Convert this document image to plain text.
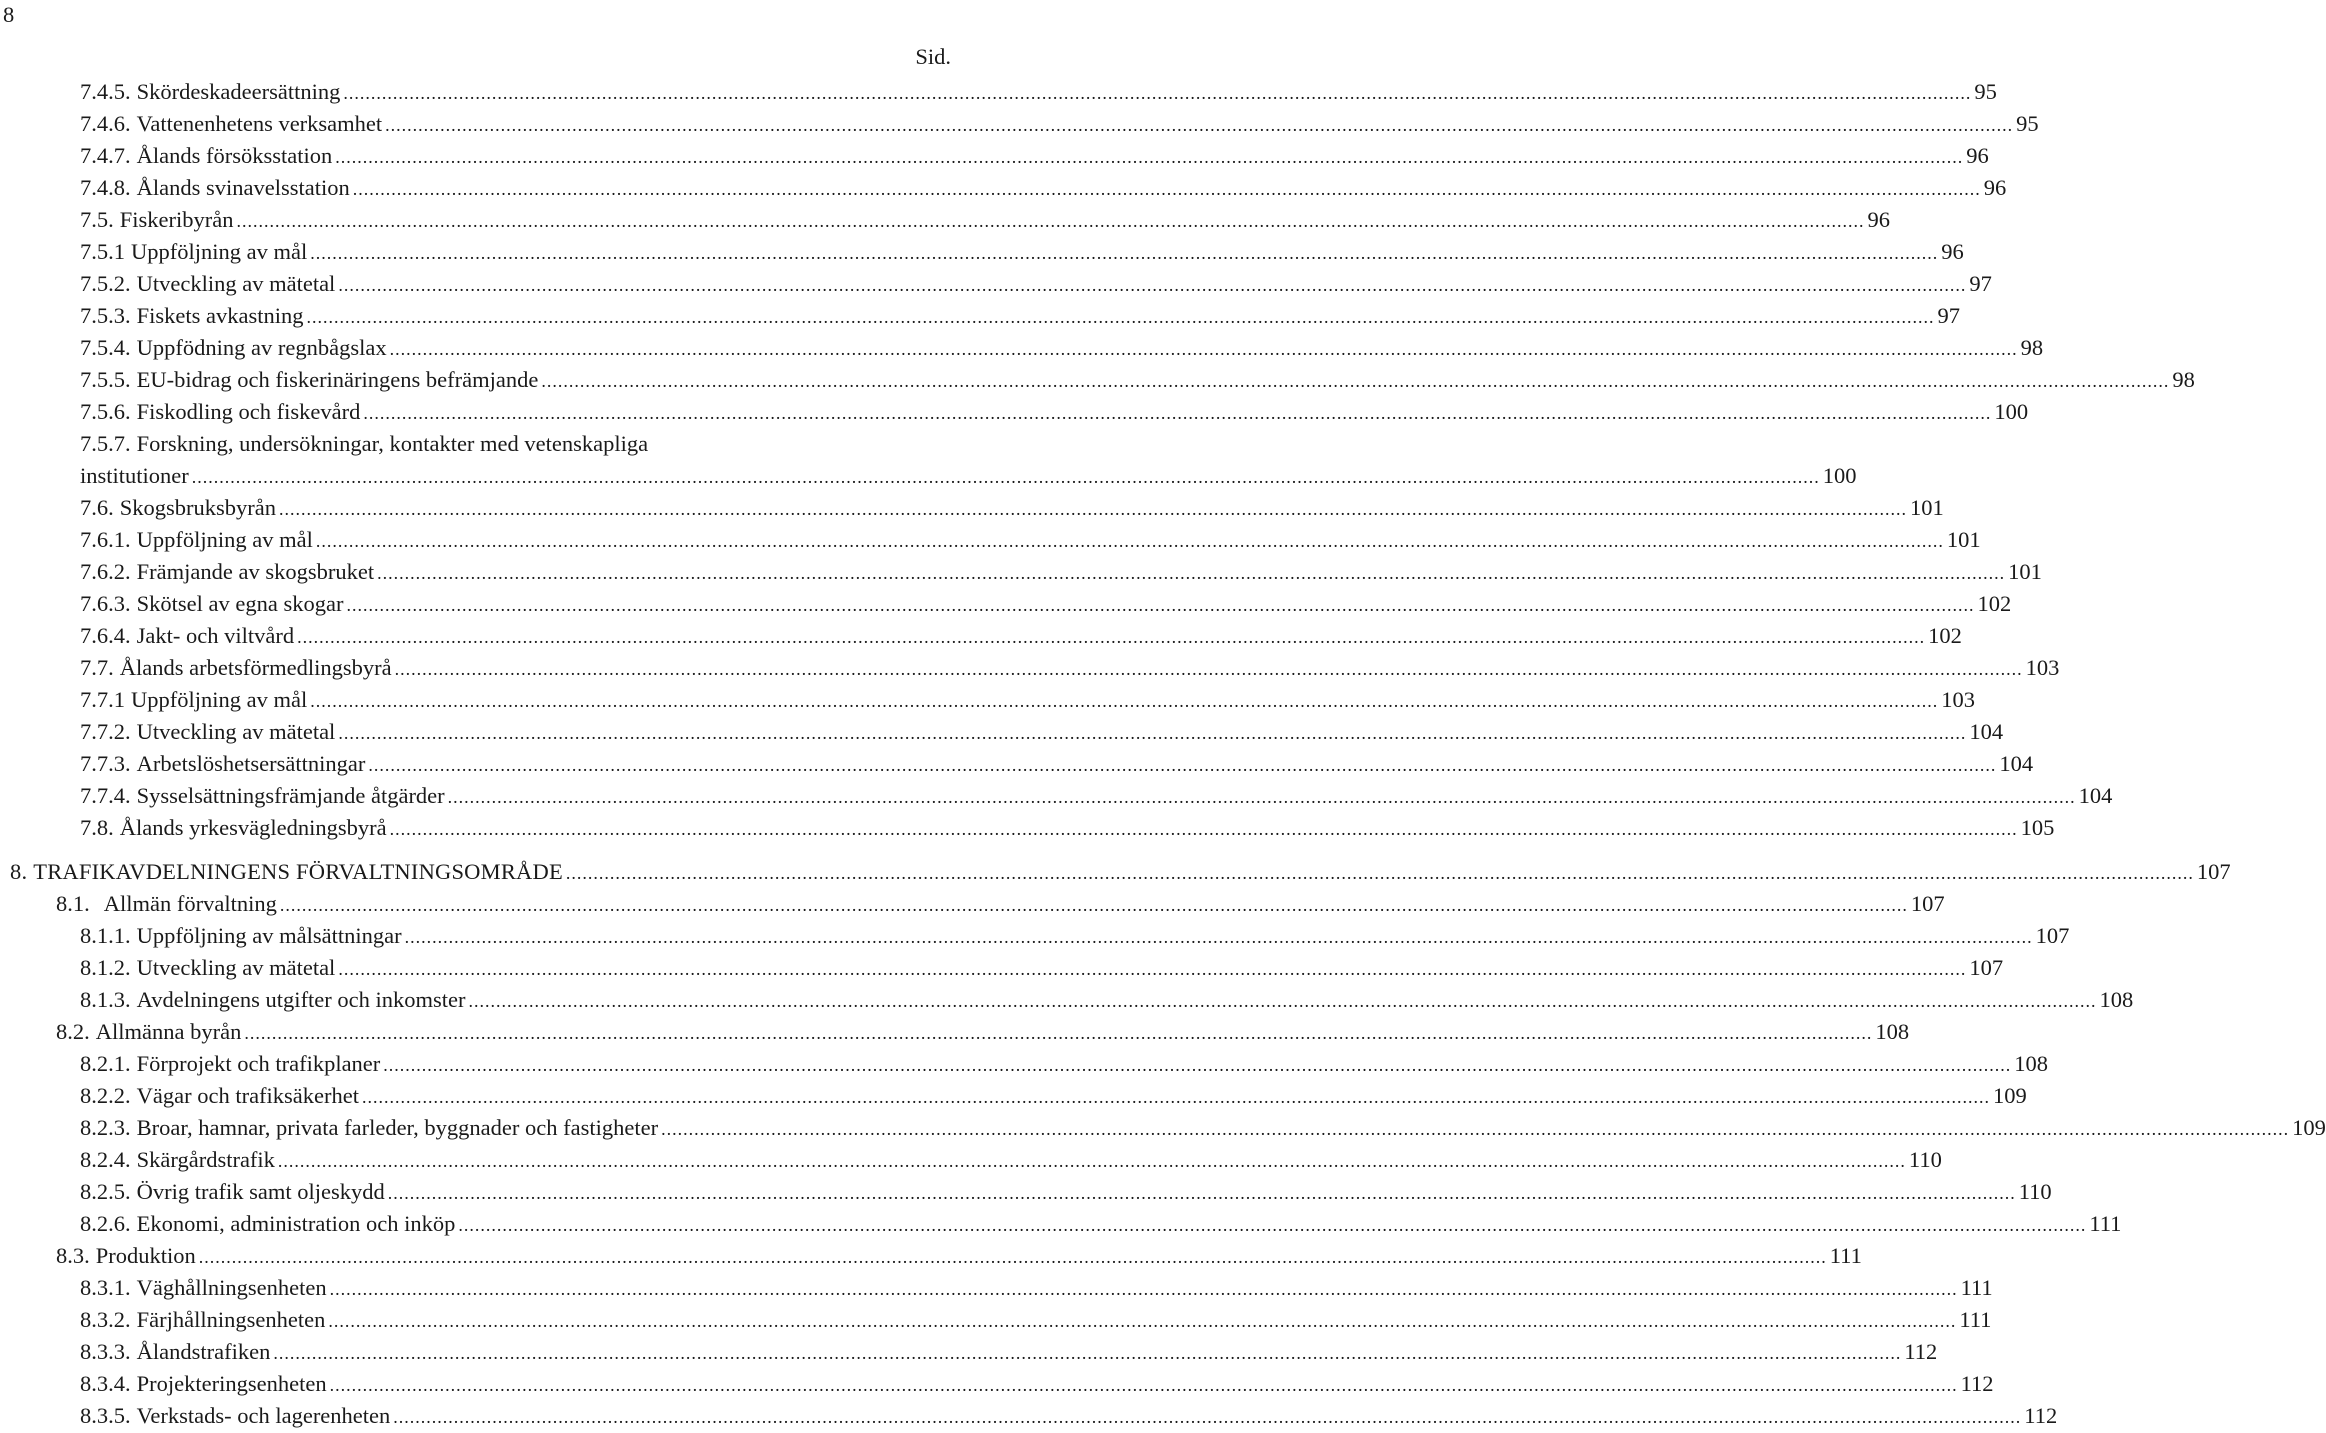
8
Sid.
7.4.5. Skördeskadeersättning .....	95
7.4.6. Vattenenhetens verksamhet .....	95
7.4.7. Ålands försöksstation .....	96
7.4.8. Ålands svinavelsstation .....	96
7.5. Fiskeribyrån .....	96
7.5.1 Uppföljning av mål .....	96
7.5.2. Utveckling av mätetal .....	97
7.5.3. Fiskets avkastning .....	97
7.5.4. Uppfödning av regnbågslax .....	98
7.5.5. EU-bidrag och fiskerinäringens befrämjande .....	98
7.5.6. Fiskodling och fiskevård .....	100
7.5.7. Forskning, undersökningar, kontakter med vetenskapliga
institutioner .....	100
7.6. Skogsbruksbyrån .....	101
7.6.1. Uppföljning av mål .....	101
7.6.2. Främjande av skogsbruket .....	101
7.6.3. Skötsel av egna skogar .....	102
7.6.4. Jakt- och viltvård .....	102
7.7. Ålands arbetsförmedlingsbyrå .....	103
7.7.1 Uppföljning av mål .....	103
7.7.2. Utveckling av mätetal .....	104
7.7.3. Arbetslöshetsersättningar .....	104
7.7.4. Sysselsättningsfrämjande åtgärder .....	104
7.8. Ålands yrkesvägledningsbyrå .....	105
8. TRAFIKAVDELNINGENS FÖRVALTNINGSOMRÅDE .....	107
8.1. Allmän förvaltning .....	107
8.1.1. Uppföljning av målsättningar .....	107
8.1.2. Utveckling av mätetal .....	107
8.1.3. Avdelningens utgifter och inkomster .....	108
8.2. Allmänna byrån .....	108
8.2.1. Förprojekt och trafikplaner .....	108
8.2.2. Vägar och trafiksäkerhet .....	109
8.2.3. Broar, hamnar, privata farleder, byggnader och fastigheter .....	109
8.2.4. Skärgårdstrafik .....	110
8.2.5. Övrig trafik samt oljeskydd .....	110
8.2.6. Ekonomi, administration och inköp .....	111
8.3. Produktion .....	111
8.3.1. Väghållningsenheten .....	111
8.3.2. Färjhållningsenheten .....	111
8.3.3. Ålandstrafiken .....	112
8.3.4. Projekteringsenheten .....	112
8.3.5. Verkstads- och lagerenheten .....	112
